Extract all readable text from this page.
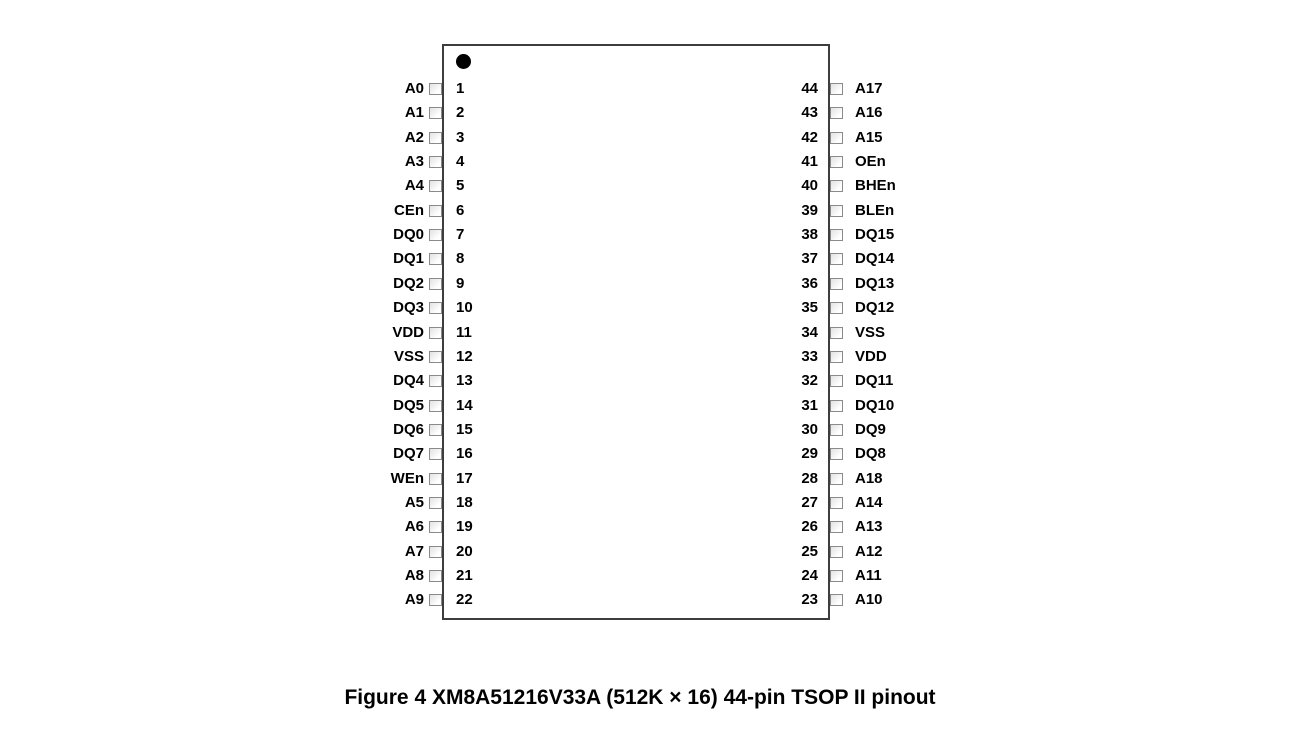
A0 1	44 A17
A1 2	43 A16
A2 3	42 A15
A3 4	41 OEn
A4 5	40 BHEn
CEn 6	39 BLEn
DQ0 7	38 DQ15
DQ1 8	37 DQ14
DQ2 9	36 DQ13
DQ3 10	35 DQ12
VDD 11	34 VSS
VSS 12	33 VDD
DQ4 13	32 DQ11
DQ5 14	31 DQ10
DQ6 15	30 DQ9
DQ7 16	29 DQ8
WEn 17	28 A18
A5 18	27 A14
A6 19	26 A13
A7 20	25 A12
A8 21	24 A11
A9 22	23 A10
Figure 4 XM8A51216V33A (512K × 16) 44-pin TSOP II pinout
